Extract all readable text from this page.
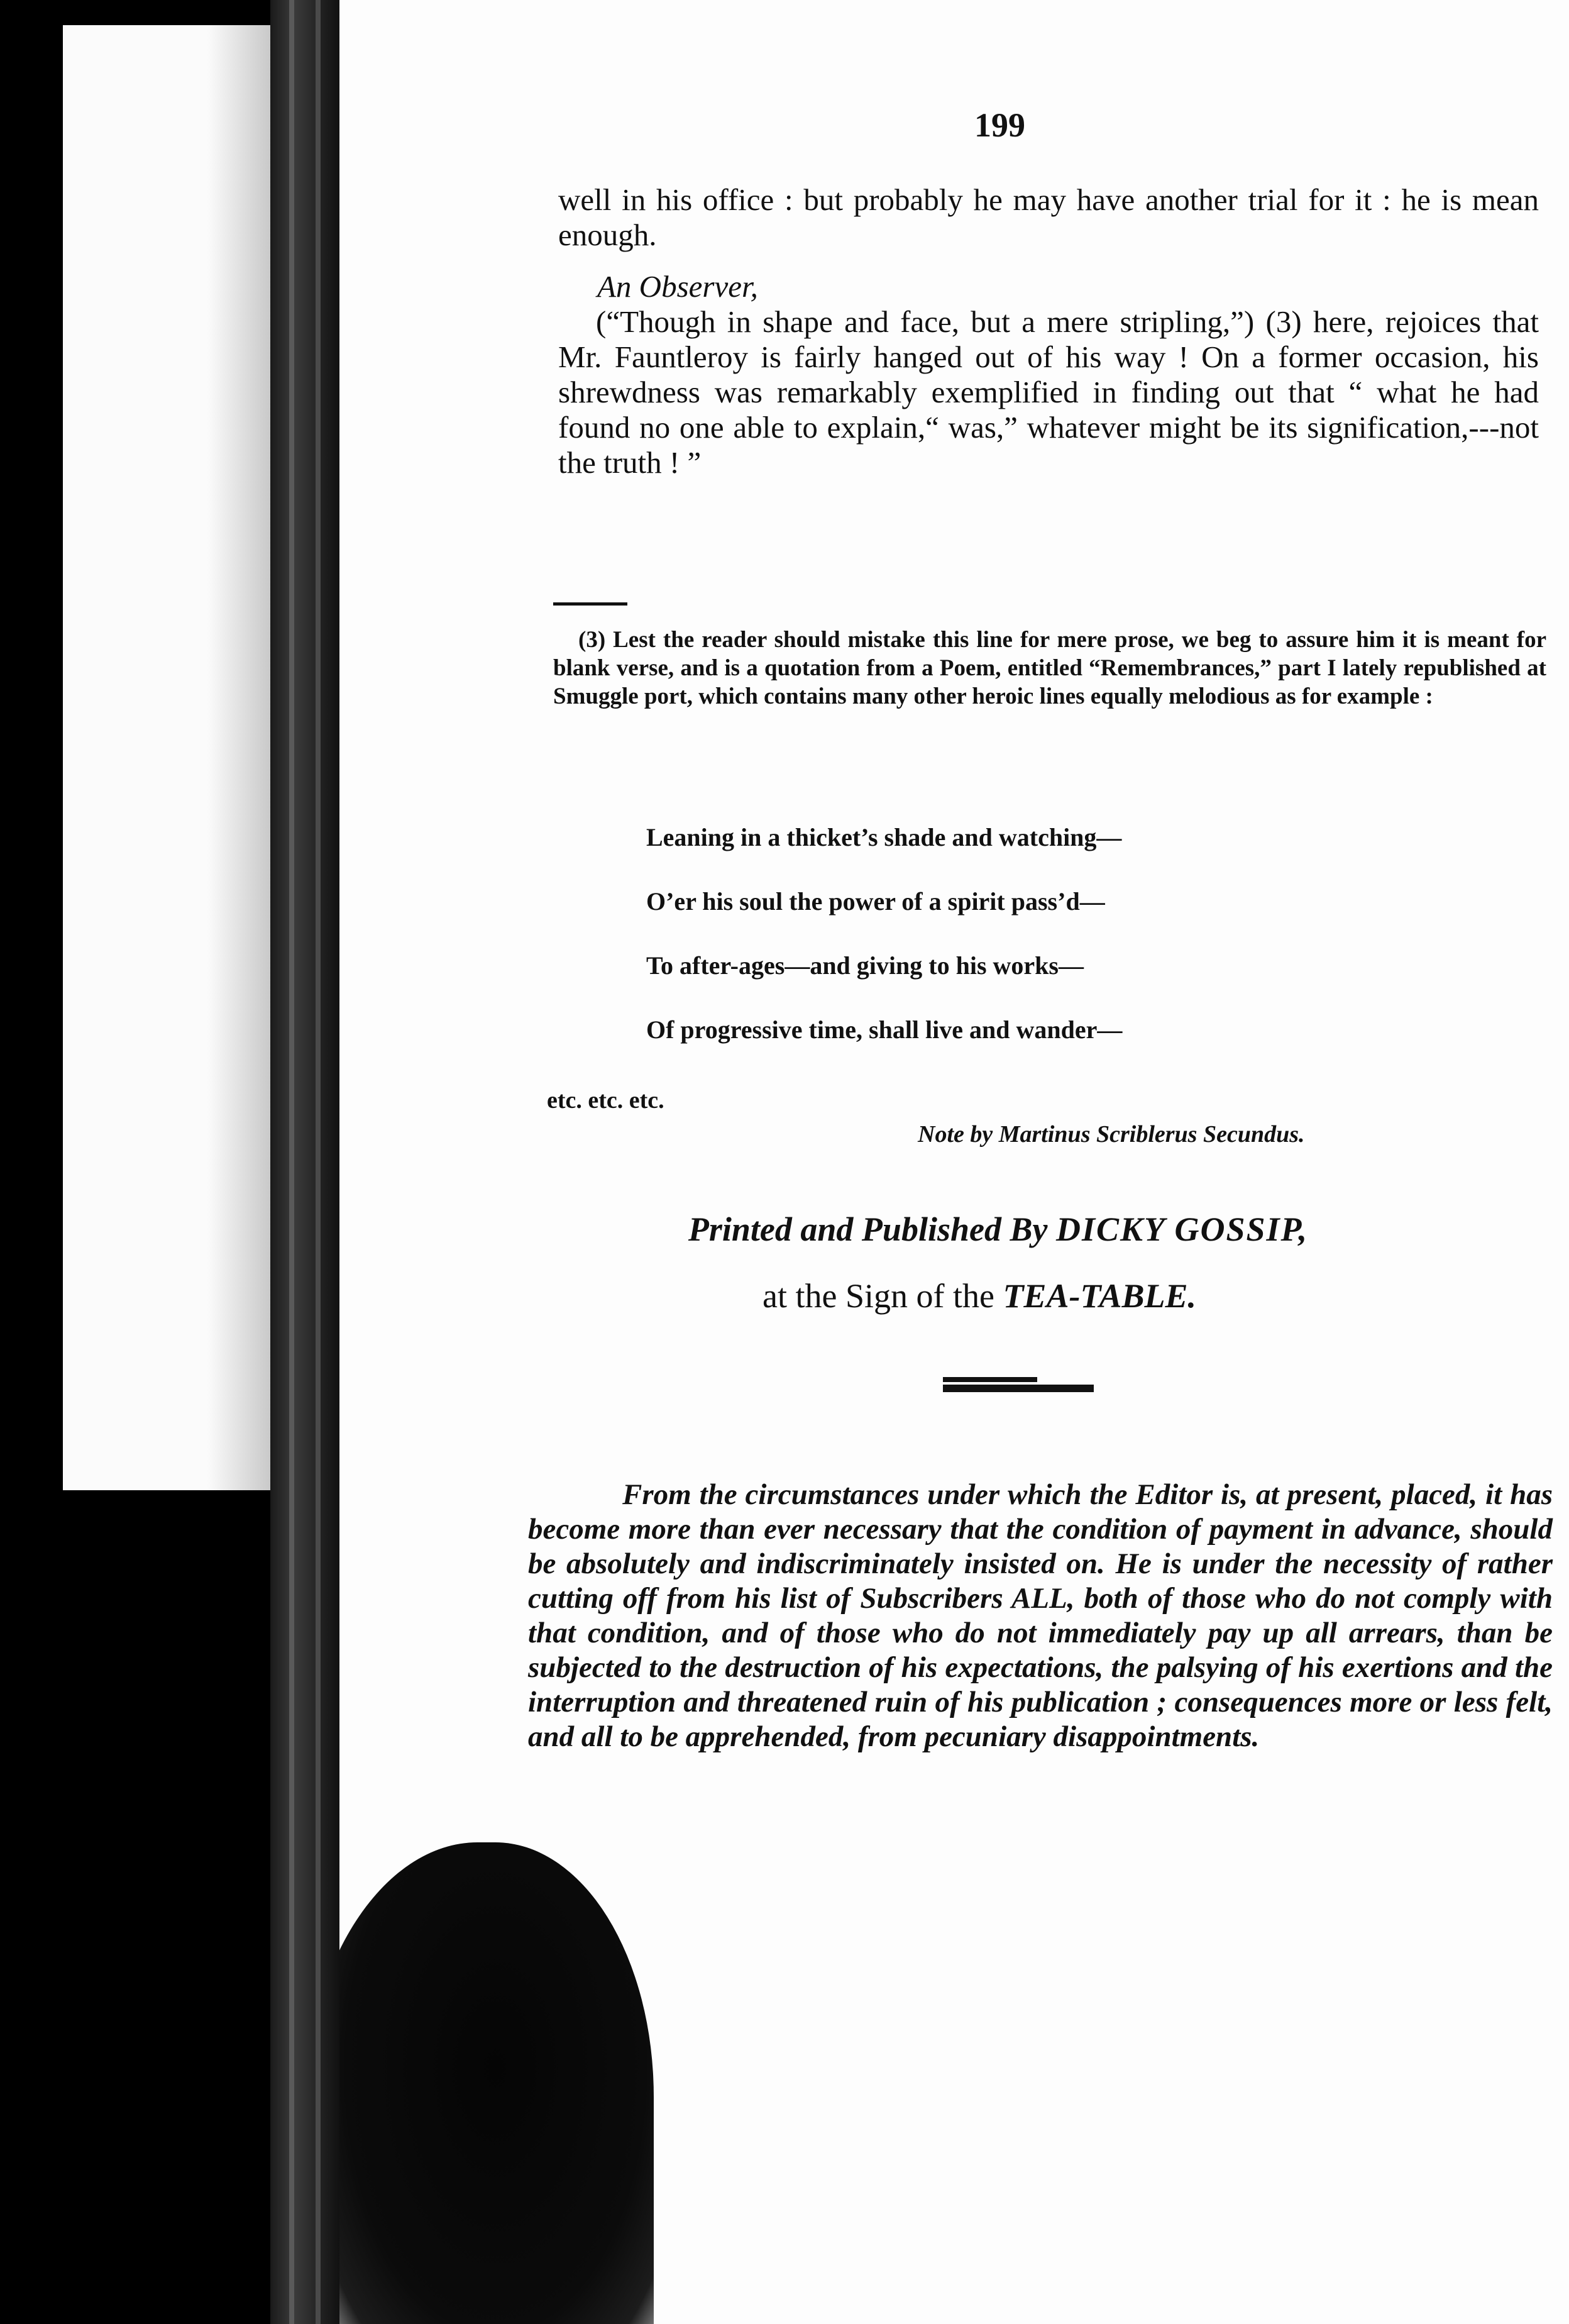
199
well in his office : but probably he may have another trial for it : he is mean enough.
An Observer,
(“Though in shape and face, but a mere stripling,”) (3) here, rejoices that Mr. Fauntleroy is fairly hanged out of his way ! On a former occasion, his shrewdness was remarkably exemplified in finding out that “ what he had found no one able to explain,“ was,” whatever might be its signification,---not the truth ! ”
(3) Lest the reader should mistake this line for mere prose, we beg to assure him it is meant for blank verse, and is a quotation from a Poem, entitled “Remembrances,” part I lately republished at Smuggle port, which contains many other heroic lines equally melodious as for example :
Leaning in a thicket’s shade and watching—
O’er his soul the power of a spirit pass’d—
To after-ages—and giving to his works—
Of progressive time, shall live and wander—
etc. etc. etc.
Note by Martinus Scriblerus Secundus.
Printed and Published By DICKY GOSSIP,
at the Sign of the TEA-TABLE.
From the circumstances under which the Editor is, at present, placed, it has become more than ever necessary that the condition of payment in advance, should be absolutely and indiscriminately insisted on. He is under the necessity of rather cutting off from his list of Subscribers ALL, both of those who do not comply with that condition, and of those who do not immediately pay up all arrears, than be subjected to the destruction of his expectations, the palsying of his exertions and the interruption and threatened ruin of his publication ; consequences more or less felt, and all to be apprehended, from pecuniary disappointments.
